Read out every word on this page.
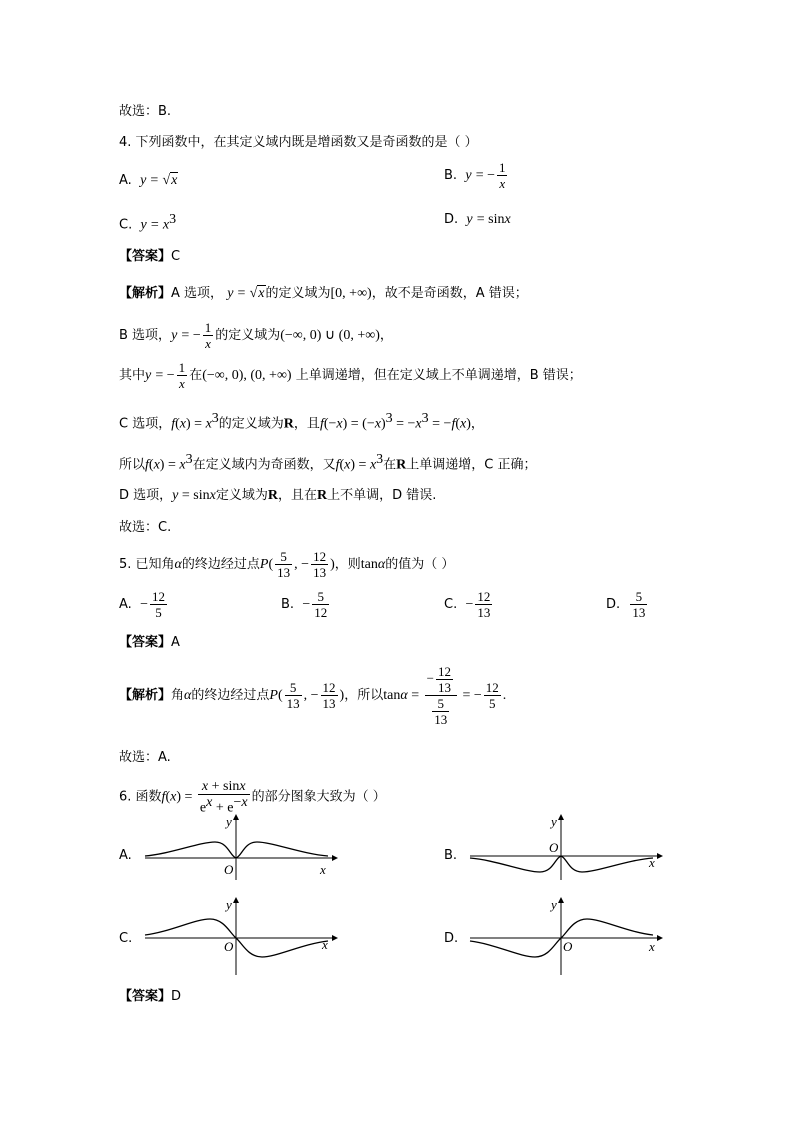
故选：B.
4. 下列函数中，在其定义域内既是增函数又是奇函数的是（ ）
A. y = √x	B. y = − $\frac{1}{x}$
C. $y = x^3$	D. y = sinx
【答案】C
【解析】A 选项， y = √x的定义域为[0, +∞)，故不是奇函数，A 错误；
B 选项，y = − $\frac{1}{x}$ 的定义域为(−∞, 0) ∪ (0, +∞)，
其中y = − $\frac{1}{x}$ 在(−∞, 0), (0, +∞) 上单调递增，但在定义域上不单调递增，B 错误；
C 选项，$f(x) = x^3$的定义域为R，且$f(-x) = (-x)^3 = -x^3 = -f(x)$，
所以$f(x) = x^3$在定义域内为奇函数，又$f(x) = x^3$在R上单调递增，C 正确；
D 选项，y = sinx定义域为R，且在R上不单调，D 错误.
故选：C.
5. 已知角α的终边经过点$P( \frac{5}{13}$ , − $\frac{12}{13}$ )，则tanα的值为（ ）
A. − $\frac{12}{5}$	B. − $\frac{5}{12}$	C. − $\frac{12}{13}$	D. $\frac{5}{13}$
【答案】A
【解析】角α的终边经过点$P( \frac{5}{13}$ , − $\frac{12}{13}$ )，所以$\tan\alpha = \frac{- \frac{12}{13}}{\frac{5}{13}}$ = − $\frac{12}{5}$ .
故选：A.
6. 函数$f(x) = \frac{x + \sin x}{e^x + e^{-x}}$ 的部分图象大致为（ ）
A.
y
O	x
B.
y
O
x
C.
y
O	x	D.
y
O	x
【答案】D
